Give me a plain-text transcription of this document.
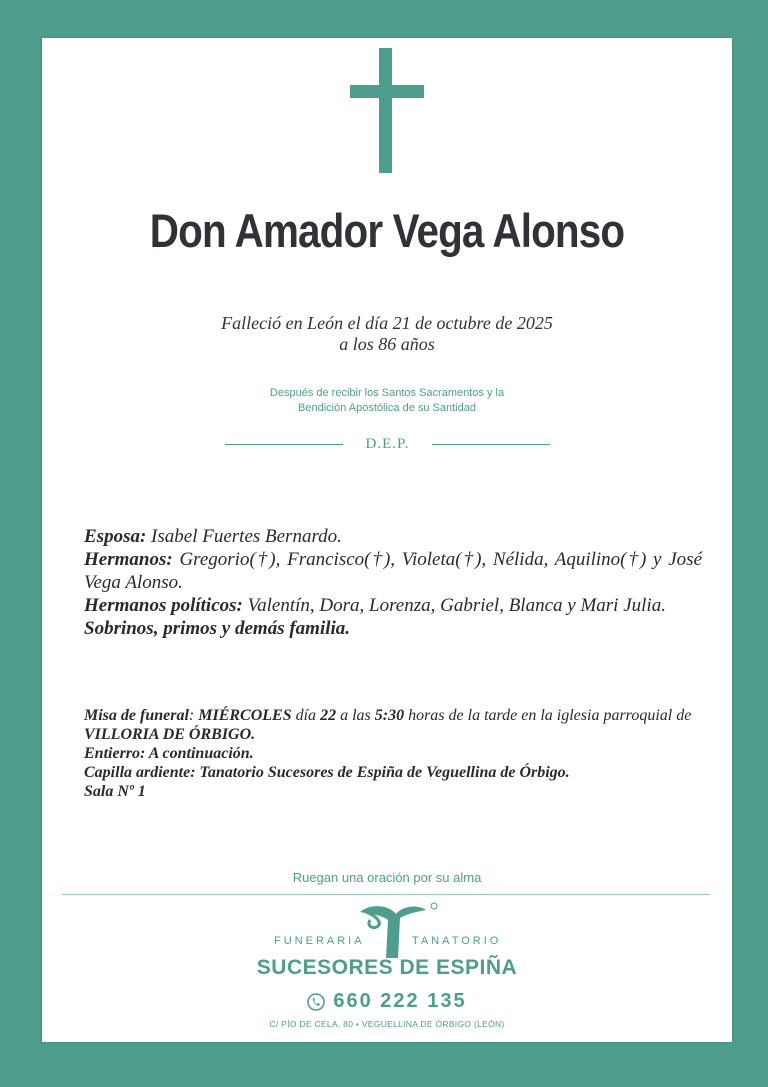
Don Amador Vega Alonso
Falleció en León el día 21 de octubre de 2025
a los 86 años
Después de recibir los Santos Sacramentos y la
Bendición Apostólica de su Santidad
D.E.P.

Esposa: Isabel Fuertes Bernardo.

Hermanos: Gregorio(†), Francisco(†), Violeta(†), Nélida, Aquilino(†) y José Vega Alonso.

Hermanos políticos: Valentín, Dora, Lorenza, Gabriel, Blanca y Mari Julia.

Sobrinos, primos y demás familia.

Misa de funeral: MIÉRCOLES día 22 a las 5:30 horas de la tarde en la iglesia parroquial de VILLORIA DE ÓRBIGO.

Entierro: A continuación.

Capilla ardiente: Tanatorio Sucesores de Espiña de Veguellina de Órbigo.

Sala Nº 1

Ruegan una oración por su alma
FUNERARIA	TANATORIO
SUCESORES DE ESPIÑA
660 222 135
C/ PÍO DE CELA, 80 • VEGUELLINA DE ÓRBIGO (LEÓN)
